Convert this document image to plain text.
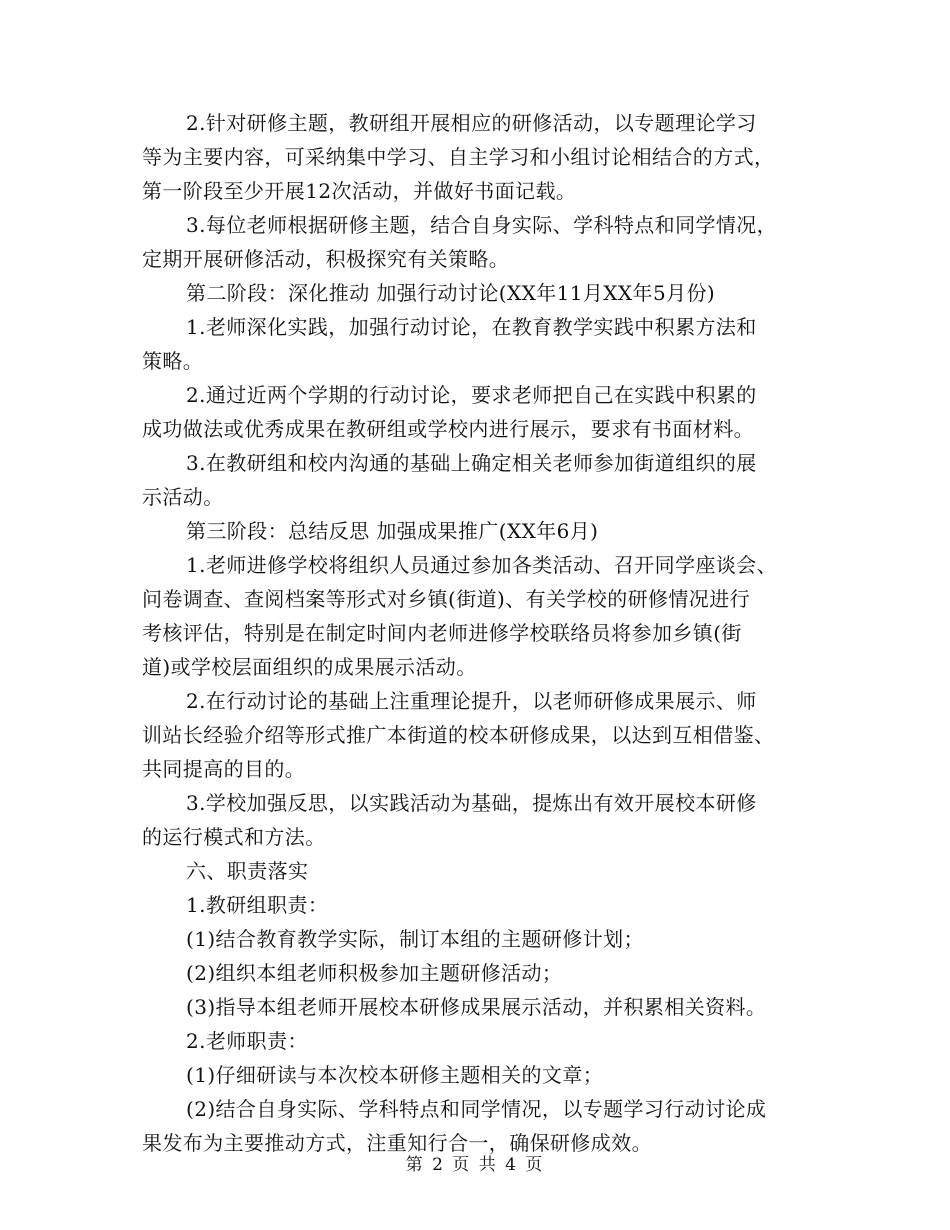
2.针对研修主题，教研组开展相应的研修活动，以专题理论学习
等为主要内容，可采纳集中学习、自主学习和小组讨论相结合的方式，
第一阶段至少开展12次活动，并做好书面记载。
3.每位老师根据研修主题，结合自身实际、学科特点和同学情况，
定期开展研修活动，积极探究有关策略。
第二阶段：深化推动 加强行动讨论(XX年11月XX年5月份)
1.老师深化实践，加强行动讨论，在教育教学实践中积累方法和
策略。
2.通过近两个学期的行动讨论，要求老师把自己在实践中积累的
成功做法或优秀成果在教研组或学校内进行展示，要求有书面材料。
3.在教研组和校内沟通的基础上确定相关老师参加街道组织的展
示活动。
第三阶段：总结反思 加强成果推广(XX年6月)
1.老师进修学校将组织人员通过参加各类活动、召开同学座谈会、
问卷调查、查阅档案等形式对乡镇(街道)、有关学校的研修情况进行
考核评估，特别是在制定时间内老师进修学校联络员将参加乡镇(街
道)或学校层面组织的成果展示活动。
2.在行动讨论的基础上注重理论提升，以老师研修成果展示、师
训站长经验介绍等形式推广本街道的校本研修成果，以达到互相借鉴、
共同提高的目的。
3.学校加强反思，以实践活动为基础，提炼出有效开展校本研修
的运行模式和方法。
六、职责落实
1.教研组职责：
(1)结合教育教学实际，制订本组的主题研修计划；
(2)组织本组老师积极参加主题研修活动；
(3)指导本组老师开展校本研修成果展示活动，并积累相关资料。
2.老师职责：
(1)仔细研读与本次校本研修主题相关的文章；
(2)结合自身实际、学科特点和同学情况，以专题学习行动讨论成
果发布为主要推动方式，注重知行合一，确保研修成效。
第 2 页 共 4 页
